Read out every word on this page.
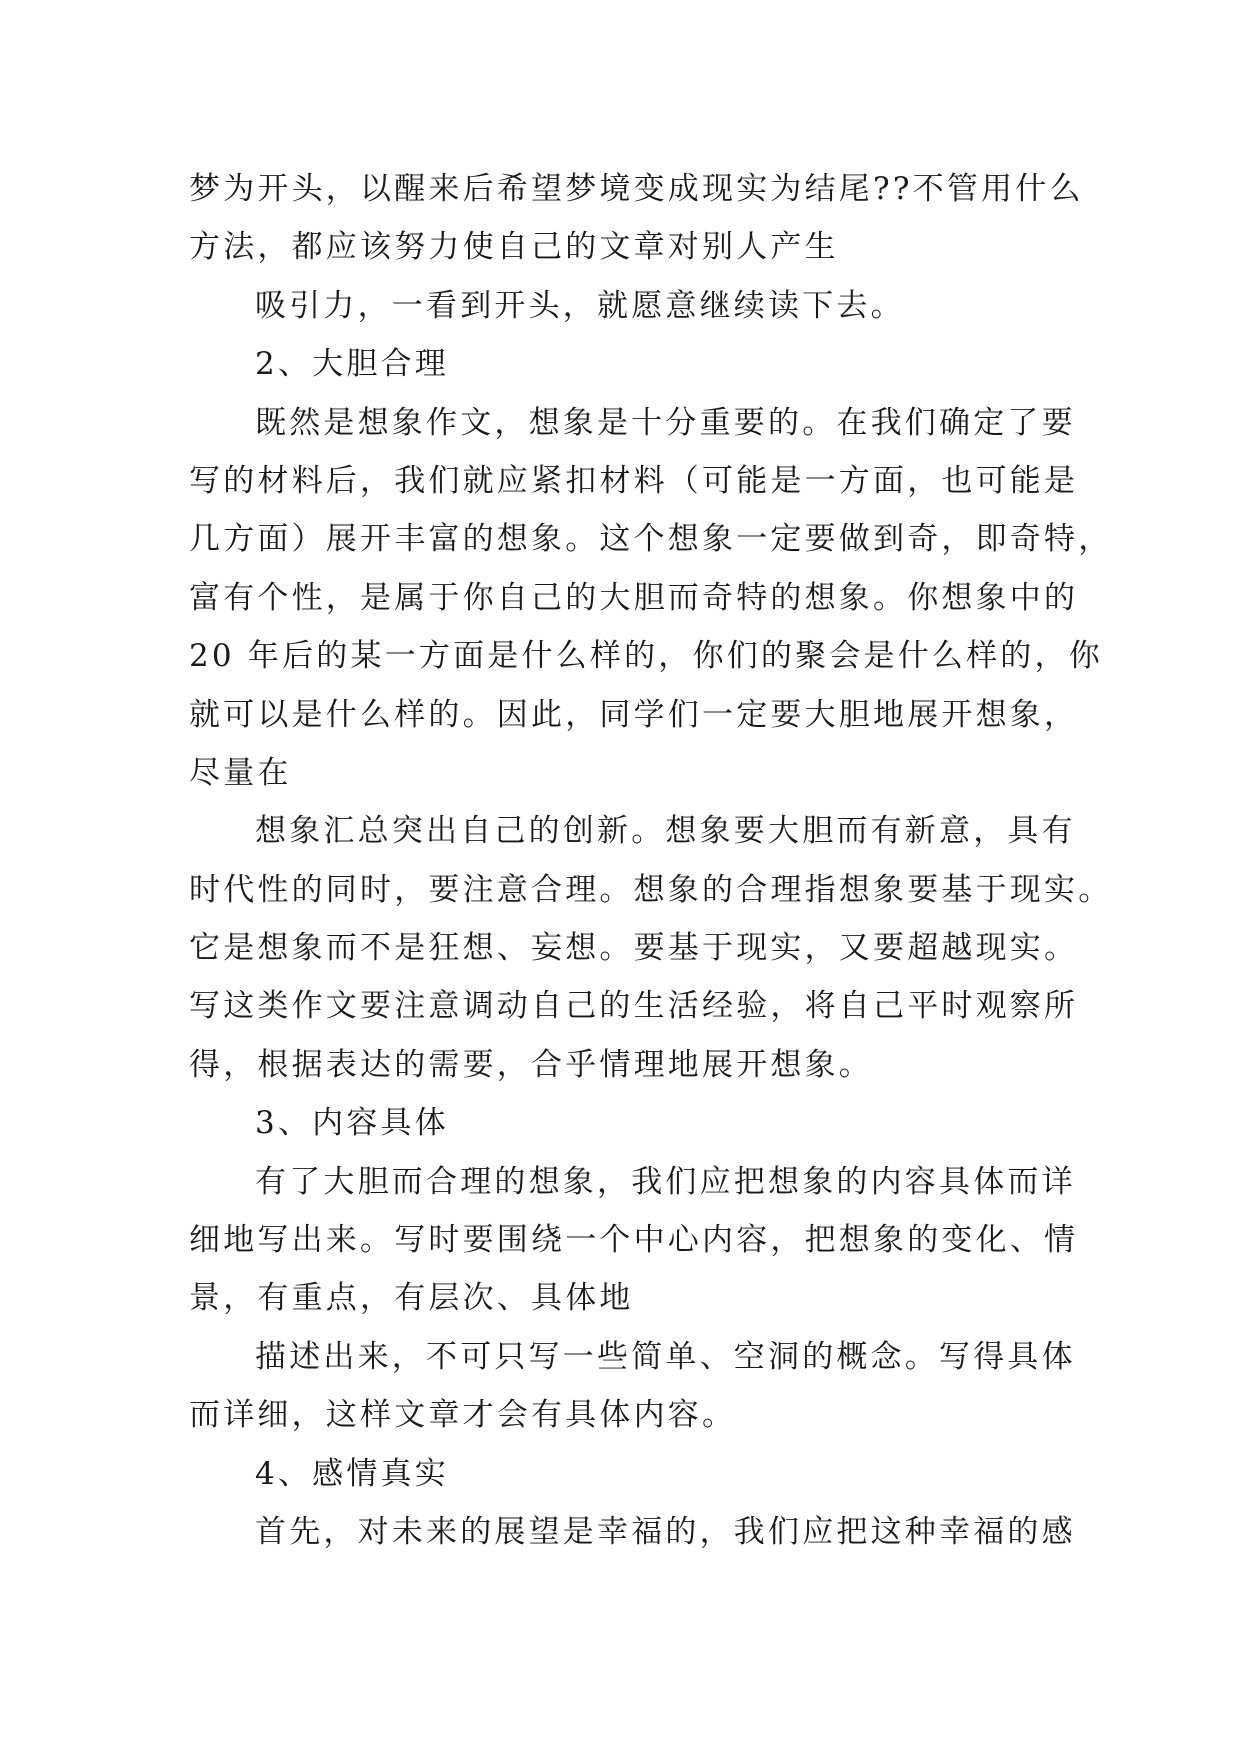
梦为开头，以醒来后希望梦境变成现实为结尾??不管用什么
方法，都应该努力使自己的文章对别人产生
吸引力，一看到开头，就愿意继续读下去。
2、大胆合理
既然是想象作文，想象是十分重要的。在我们确定了要
写的材料后，我们就应紧扣材料（可能是一方面，也可能是
几方面）展开丰富的想象。这个想象一定要做到奇，即奇特，
富有个性，是属于你自己的大胆而奇特的想象。你想象中的
20 年后的某一方面是什么样的，你们的聚会是什么样的，你
就可以是什么样的。因此，同学们一定要大胆地展开想象，
尽量在
想象汇总突出自己的创新。想象要大胆而有新意，具有
时代性的同时，要注意合理。想象的合理指想象要基于现实。
它是想象而不是狂想、妄想。要基于现实，又要超越现实。
写这类作文要注意调动自己的生活经验，将自己平时观察所
得，根据表达的需要，合乎情理地展开想象。
3、内容具体
有了大胆而合理的想象，我们应把想象的内容具体而详
细地写出来。写时要围绕一个中心内容，把想象的变化、情
景，有重点，有层次、具体地
描述出来，不可只写一些简单、空洞的概念。写得具体
而详细，这样文章才会有具体内容。
4、感情真实
首先，对未来的展望是幸福的，我们应把这种幸福的感
